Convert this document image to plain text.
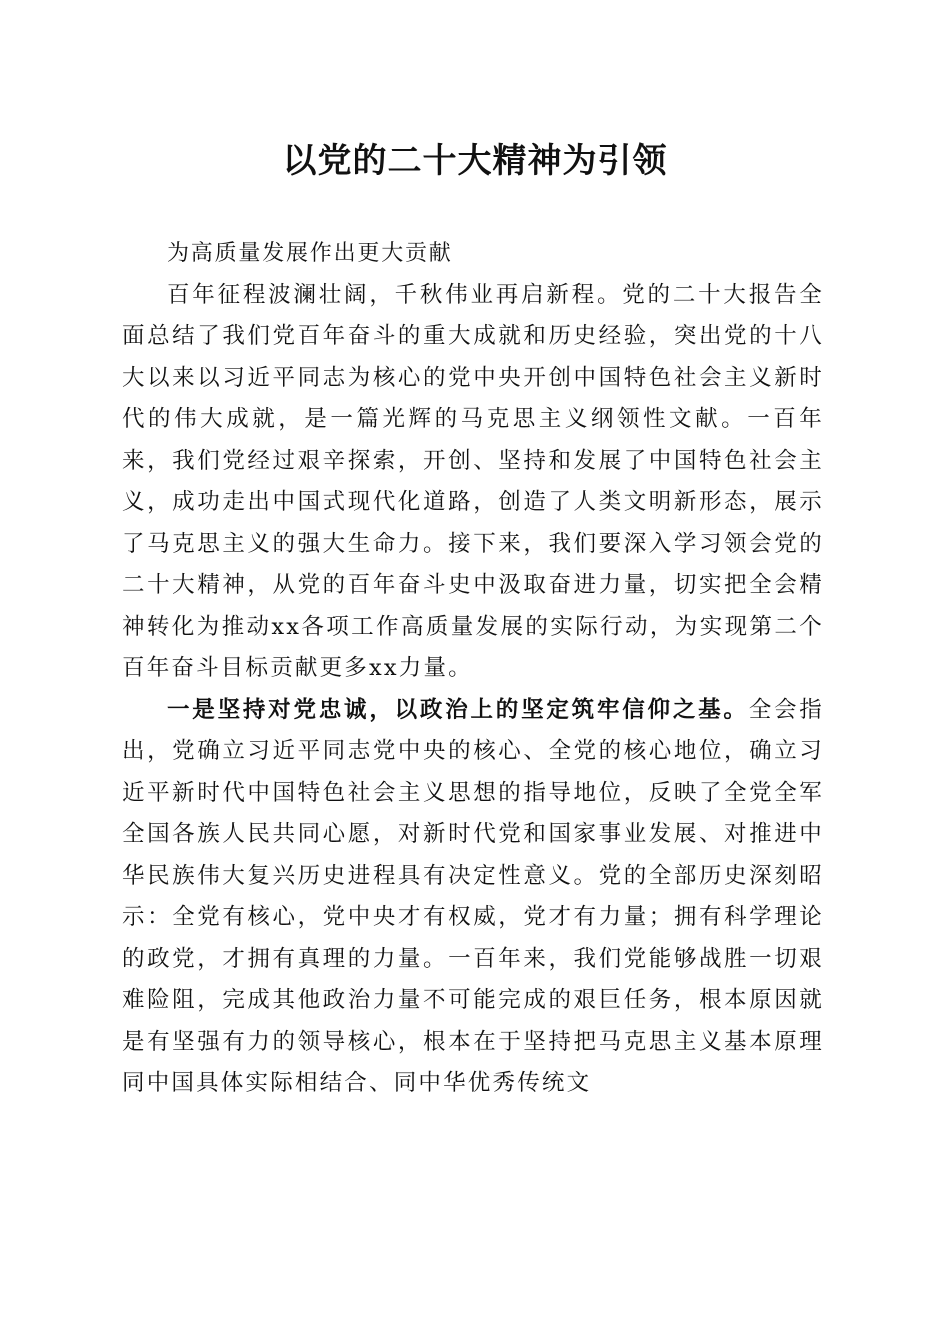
以党的二十大精神为引领

为高质量发展作出更大贡献

百年征程波澜壮阔，千秋伟业再启新程。党的二十大报告全面总结了我们党百年奋斗的重大成就和历史经验，突出党的十八大以来以习近平同志为核心的党中央开创中国特色社会主义新时代的伟大成就，是一篇光辉的马克思主义纲领性文献。一百年来，我们党经过艰辛探索，开创、坚持和发展了中国特色社会主义，成功走出中国式现代化道路，创造了人类文明新形态，展示了马克思主义的强大生命力。接下来，我们要深入学习领会党的二十大精神，从党的百年奋斗史中汲取奋进力量，切实把全会精神转化为推动xx各项工作高质量发展的实际行动，为实现第二个百年奋斗目标贡献更多xx力量。

一是坚持对党忠诚，以政治上的坚定筑牢信仰之基。全会指出，党确立习近平同志党中央的核心、全党的核心地位，确立习近平新时代中国特色社会主义思想的指导地位，反映了全党全军全国各族人民共同心愿，对新时代党和国家事业发展、对推进中华民族伟大复兴历史进程具有决定性意义。党的全部历史深刻昭示：全党有核心，党中央才有权威，党才有力量；拥有科学理论的政党，才拥有真理的力量。一百年来，我们党能够战胜一切艰难险阻，完成其他政治力量不可能完成的艰巨任务，根本原因就是有坚强有力的领导核心，根本在于坚持把马克思主义基本原理同中国具体实际相结合、同中华优秀传统文
